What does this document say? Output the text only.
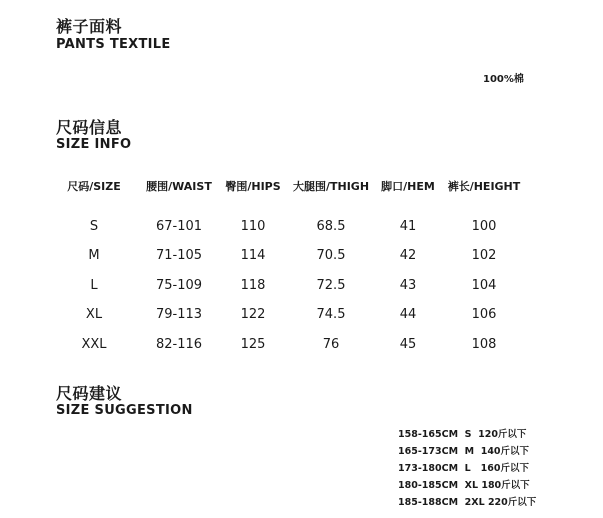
裤子面料
PANTS TEXTILE
100%棉
尺码信息
SIZE INFO
尺码/SIZE	腰围/WAIST	臀围/HIPS	大腿围/THIGH	脚口/HEM	裤长/HEIGHT
S	67-101	110	68.5	41	100
M	71-105	114	70.5	42	102
L	75-109	118	72.5	43	104
XL	79-113	122	74.5	44	106
XXL	82-116	125	76	45	108
尺码建议
SIZE SUGGESTION
158-165CM  S  120斤以下
165-173CM  M  140斤以下
173-180CM  L   160斤以下
180-185CM  XL 180斤以下
185-188CM  2XL 220斤以下
